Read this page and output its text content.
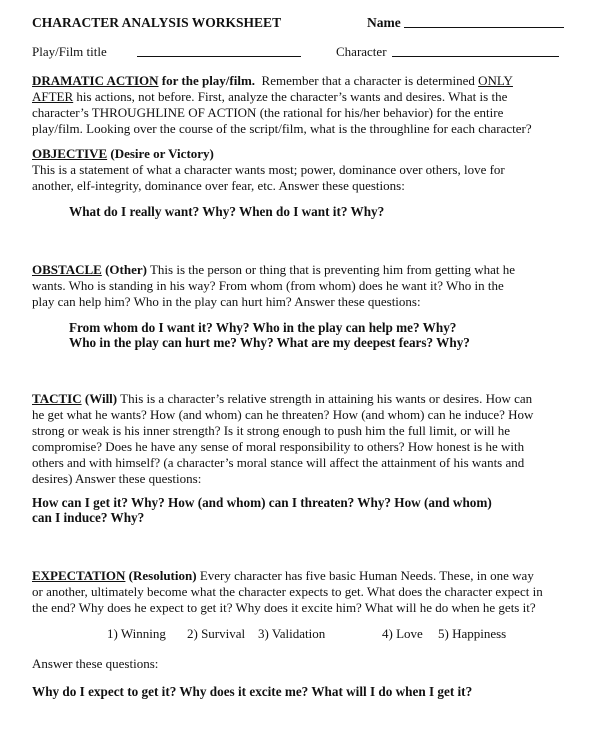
CHARACTER ANALYSIS WORKSHEET	Name
Play/Film title	Character
DRAMATIC ACTION for the play/film. Remember that a character is determined ONLY
AFTER his actions, not before. First, analyze the character’s wants and desires. What is the
character’s THROUGHLINE OF ACTION (the rational for his/her behavior) for the entire
play/film. Looking over the course of the script/film, what is the throughline for each character?
OBJECTIVE (Desire or Victory)
This is a statement of what a character wants most; power, dominance over others, love for
another, elf-integrity, dominance over fear, etc. Answer these questions:
What do I really want? Why? When do I want it? Why?
OBSTACLE (Other) This is the person or thing that is preventing him from getting what he
wants. Who is standing in his way? From whom (from whom) does he want it? Who in the
play can help him? Who in the play can hurt him? Answer these questions:
From whom do I want it? Why? Who in the play can help me? Why?
Who in the play can hurt me? Why? What are my deepest fears? Why?
TACTIC (Will) This is a character’s relative strength in attaining his wants or desires. How can
he get what he wants? How (and whom) can he threaten? How (and whom) can he induce? How
strong or weak is his inner strength? Is it strong enough to push him the full limit, or will he
compromise? Does he have any sense of moral responsibility to others? How honest is he with
others and with himself? (a character’s moral stance will affect the attainment of his wants and
desires) Answer these questions:
How can I get it? Why? How (and whom) can I threaten? Why? How (and whom)
can I induce? Why?
EXPECTATION (Resolution) Every character has five basic Human Needs. These, in one way
or another, ultimately become what the character expects to get. What does the character expect in
the end? Why does he expect to get it? Why does it excite him? What will he do when he gets it?
1) Winning 2) Survival 3) Validation	4) Love 5) Happiness
Answer these questions:
Why do I expect to get it? Why does it excite me? What will I do when I get it?
